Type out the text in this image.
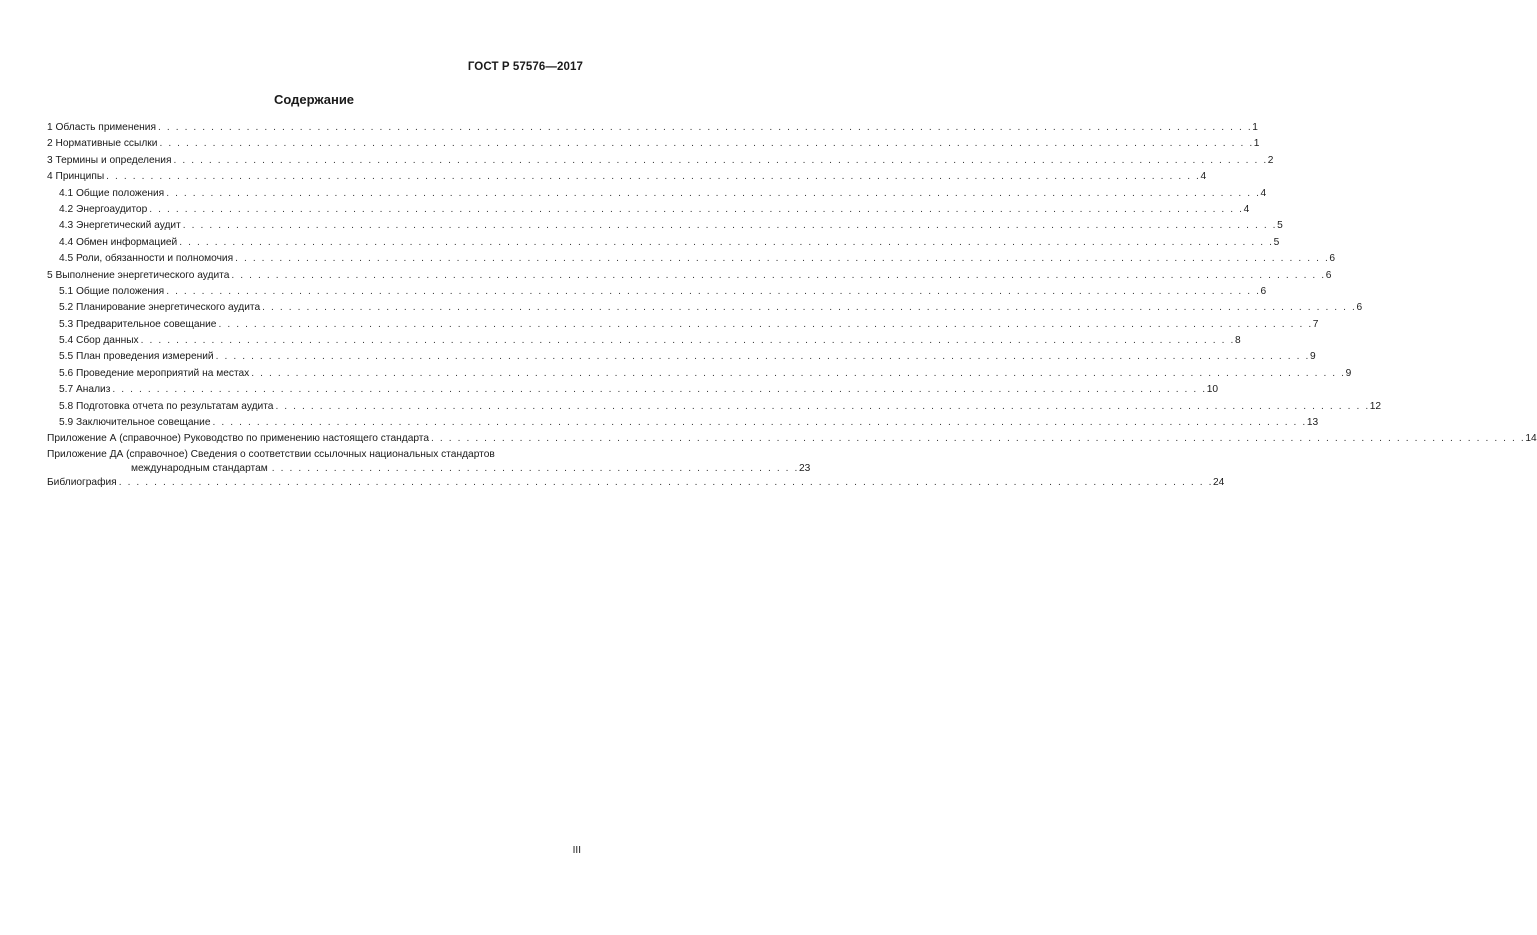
ГОСТ Р 57576—2017
Содержание
1 Область применения . . .	1
2 Нормативные ссылки . . .	1
3 Термины и определения . . .	2
4 Принципы . . .	4
4.1 Общие положения . . .	4
4.2 Энергоаудитор . . .	4
4.3 Энергетический аудит . . .	5
4.4 Обмен информацией . . .	5
4.5 Роли, обязанности и полномочия . . .	6
5 Выполнение энергетического аудита . . .	6
5.1 Общие положения . . .	6
5.2 Планирование энергетического аудита . . .	6
5.3 Предварительное совещание . . .	7
5.4 Сбор данных . . .	8
5.5 План проведения измерений . . .	9
5.6 Проведение мероприятий на местах . . .	9
5.7 Анализ . . .	10
5.8 Подготовка отчета по результатам аудита . . .	12
5.9 Заключительное совещание . . .	13
Приложение А (справочное) Руководство по применению настоящего стандарта . . .	14
Приложение ДА (справочное) Сведения о соответствии ссылочных национальных стандартов
международным стандартам . . . . . . . . . . . . . . . . . . . . . . . . . . . . . . . . . . . . . . . . . . . . . . . . . . . . . . . . . . . . 23
Библиография . . .	24
III
